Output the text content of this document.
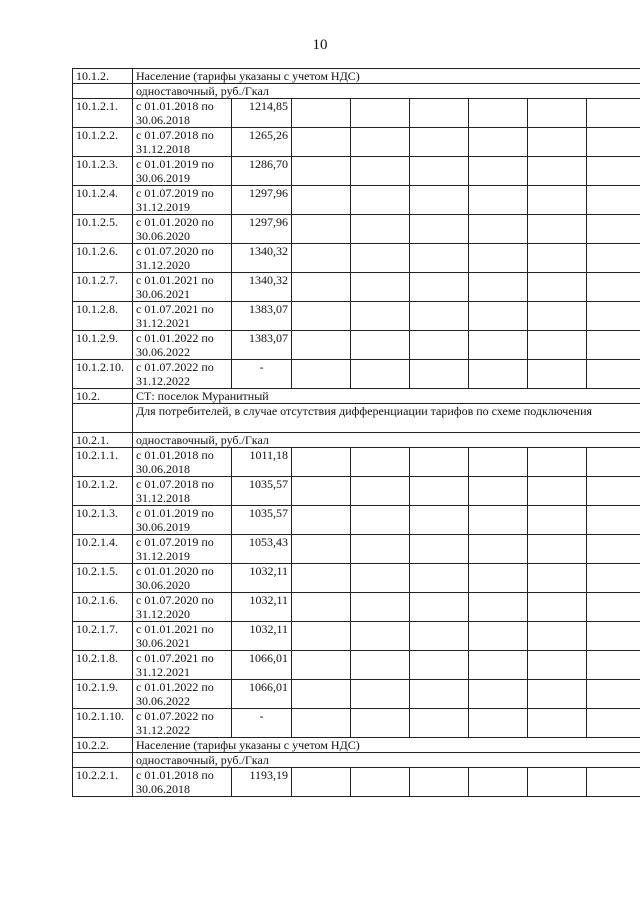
10
10.1.2.	Население (тарифы указаны с учетом НДС)							
	одноставочный, руб./Гкал							
10.1.2.1.	с 01.01.2018 по 30.06.2018	1214,85						
10.1.2.2.	с 01.07.2018 по 31.12.2018	1265,26						
10.1.2.3.	с 01.01.2019 по 30.06.2019	1286,70						
10.1.2.4.	с 01.07.2019 по 31.12.2019	1297,96						
10.1.2.5.	с 01.01.2020 по 30.06.2020	1297,96						
10.1.2.6.	с 01.07.2020 по 31.12.2020	1340,32						
10.1.2.7.	с 01.01.2021 по 30.06.2021	1340,32						
10.1.2.8.	с 01.07.2021 по 31.12.2021	1383,07						
10.1.2.9.	с 01.01.2022 по 30.06.2022	1383,07						
10.1.2.10.	с 01.07.2022 по 31.12.2022	-						
10.2.	СТ: поселок Муранитный							
	Для потребителей, в случае отсутствия дифференциации тарифов по схеме подключения							
10.2.1.	одноставочный, руб./Гкал							
10.2.1.1.	с 01.01.2018 по 30.06.2018	1011,18						
10.2.1.2.	с 01.07.2018 по 31.12.2018	1035,57						
10.2.1.3.	с 01.01.2019 по 30.06.2019	1035,57						
10.2.1.4.	с 01.07.2019 по 31.12.2019	1053,43						
10.2.1.5.	с 01.01.2020 по 30.06.2020	1032,11						
10.2.1.6.	с 01.07.2020 по 31.12.2020	1032,11						
10.2.1.7.	с 01.01.2021 по 30.06.2021	1032,11						
10.2.1.8.	с 01.07.2021 по 31.12.2021	1066,01						
10.2.1.9.	с 01.01.2022 по 30.06.2022	1066,01						
10.2.1.10.	с 01.07.2022 по 31.12.2022	-						
10.2.2.	Население (тарифы указаны с учетом НДС)							
	одноставочный, руб./Гкал							
10.2.2.1.	с 01.01.2018 по 30.06.2018	1193,19						
